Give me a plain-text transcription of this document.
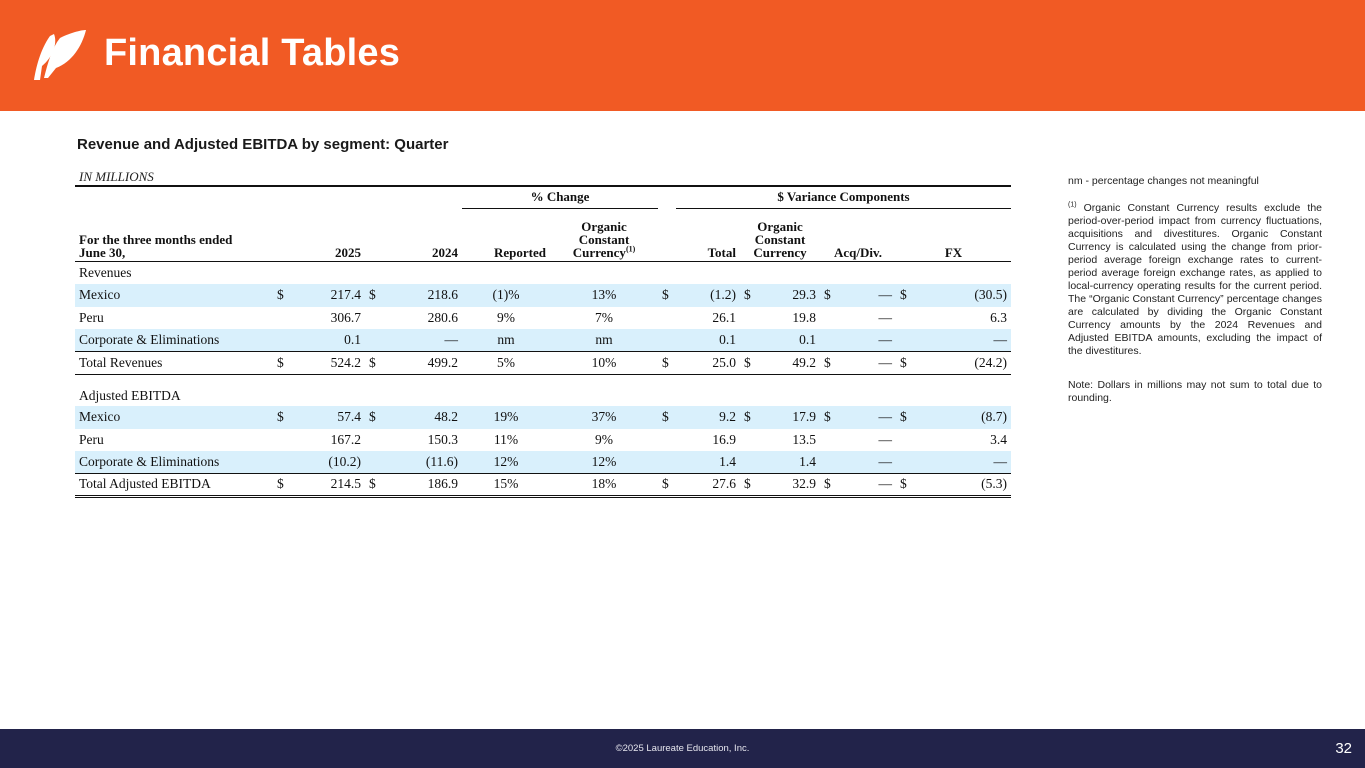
Financial Tables
Revenue and Adjusted EBITDA by segment: Quarter
IN MILLIONS

					% Change			$ Variance Components						
For the three months ended
June 30,	2025		2024		Reported	Organic
Constant
Currency$^{(1)}$	Total		Organic
Constant
Currency		Acq/Div.		FX	
Revenues														
Mexico	$	217.4	$	218.6	(1)%	13%	$	(1.2)	$	29.3	$	—	$	(30.5)
Peru		306.7		280.6	9%	7%		26.1		19.8		—		6.3
Corporate & Eliminations		0.1		—	nm	nm		0.1		0.1		—		—
Total Revenues	$	524.2	$	499.2	5%	10%	$	25.0	$	49.2	$	—	$	(24.2)
Adjusted EBITDA														
Mexico	$	57.4	$	48.2	19%	37%	$	9.2	$	17.9	$	—	$	(8.7)
Peru		167.2		150.3	11%	9%		16.9		13.5		—		3.4
Corporate & Eliminations		(10.2)		(11.6)	12%	12%		1.4		1.4		—		—
Total Adjusted EBITDA	$	214.5	$	186.9	15%	18%	$	27.6	$	32.9	$	—	$	(5.3)

nm - percentage changes not meaningful

$^{(1)}$ Organic Constant Currency results exclude the period-over-period impact from currency fluctuations, acquisitions and divestitures. Organic Constant Currency is calculated using the change from prior-period average foreign exchange rates to current-period average foreign exchange rates, as applied to local-currency operating results for the current period. The “Organic Constant Currency” percentage changes are calculated by dividing the Organic Constant Currency amounts by the 2024 Revenues and Adjusted EBITDA amounts, excluding the impact of the divestitures.

Note: Dollars in millions may not sum to total due to rounding.

©2025 Laureate Education, Inc.	32
